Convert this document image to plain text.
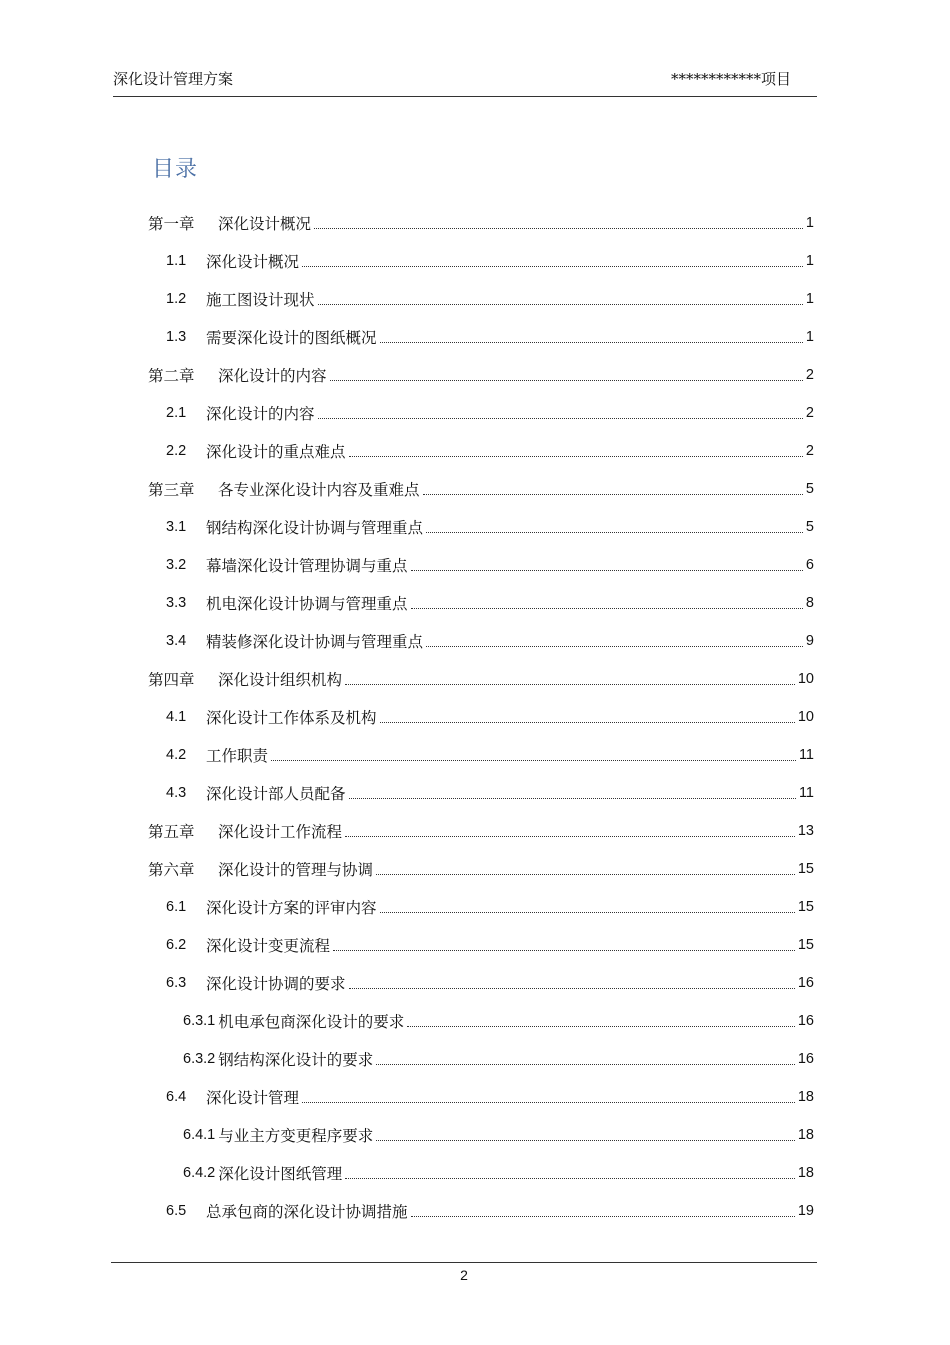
深化设计管理方案	************项目
目录
第一章	深化设计概况	1
1.1	深化设计概况	1
1.2	施工图设计现状	1
1.3	需要深化设计的图纸概况	1
第二章	深化设计的内容	2
2.1	深化设计的内容	2
2.2	深化设计的重点难点	2
第三章	各专业深化设计内容及重难点	5
3.1	钢结构深化设计协调与管理重点	5
3.2	幕墙深化设计管理协调与重点	6
3.3	机电深化设计协调与管理重点	8
3.4	精装修深化设计协调与管理重点	9
第四章	深化设计组织机构	10
4.1	深化设计工作体系及机构	10
4.2	工作职责	11
4.3	深化设计部人员配备	11
第五章	深化设计工作流程	13
第六章	深化设计的管理与协调	15
6.1	深化设计方案的评审内容	15
6.2	深化设计变更流程	15
6.3	深化设计协调的要求	16
6.3.1 机电承包商深化设计的要求	16
6.3.2 钢结构深化设计的要求	16
6.4	深化设计管理	18
6.4.1 与业主方变更程序要求	18
6.4.2 深化设计图纸管理	18
6.5	总承包商的深化设计协调措施	19
2
